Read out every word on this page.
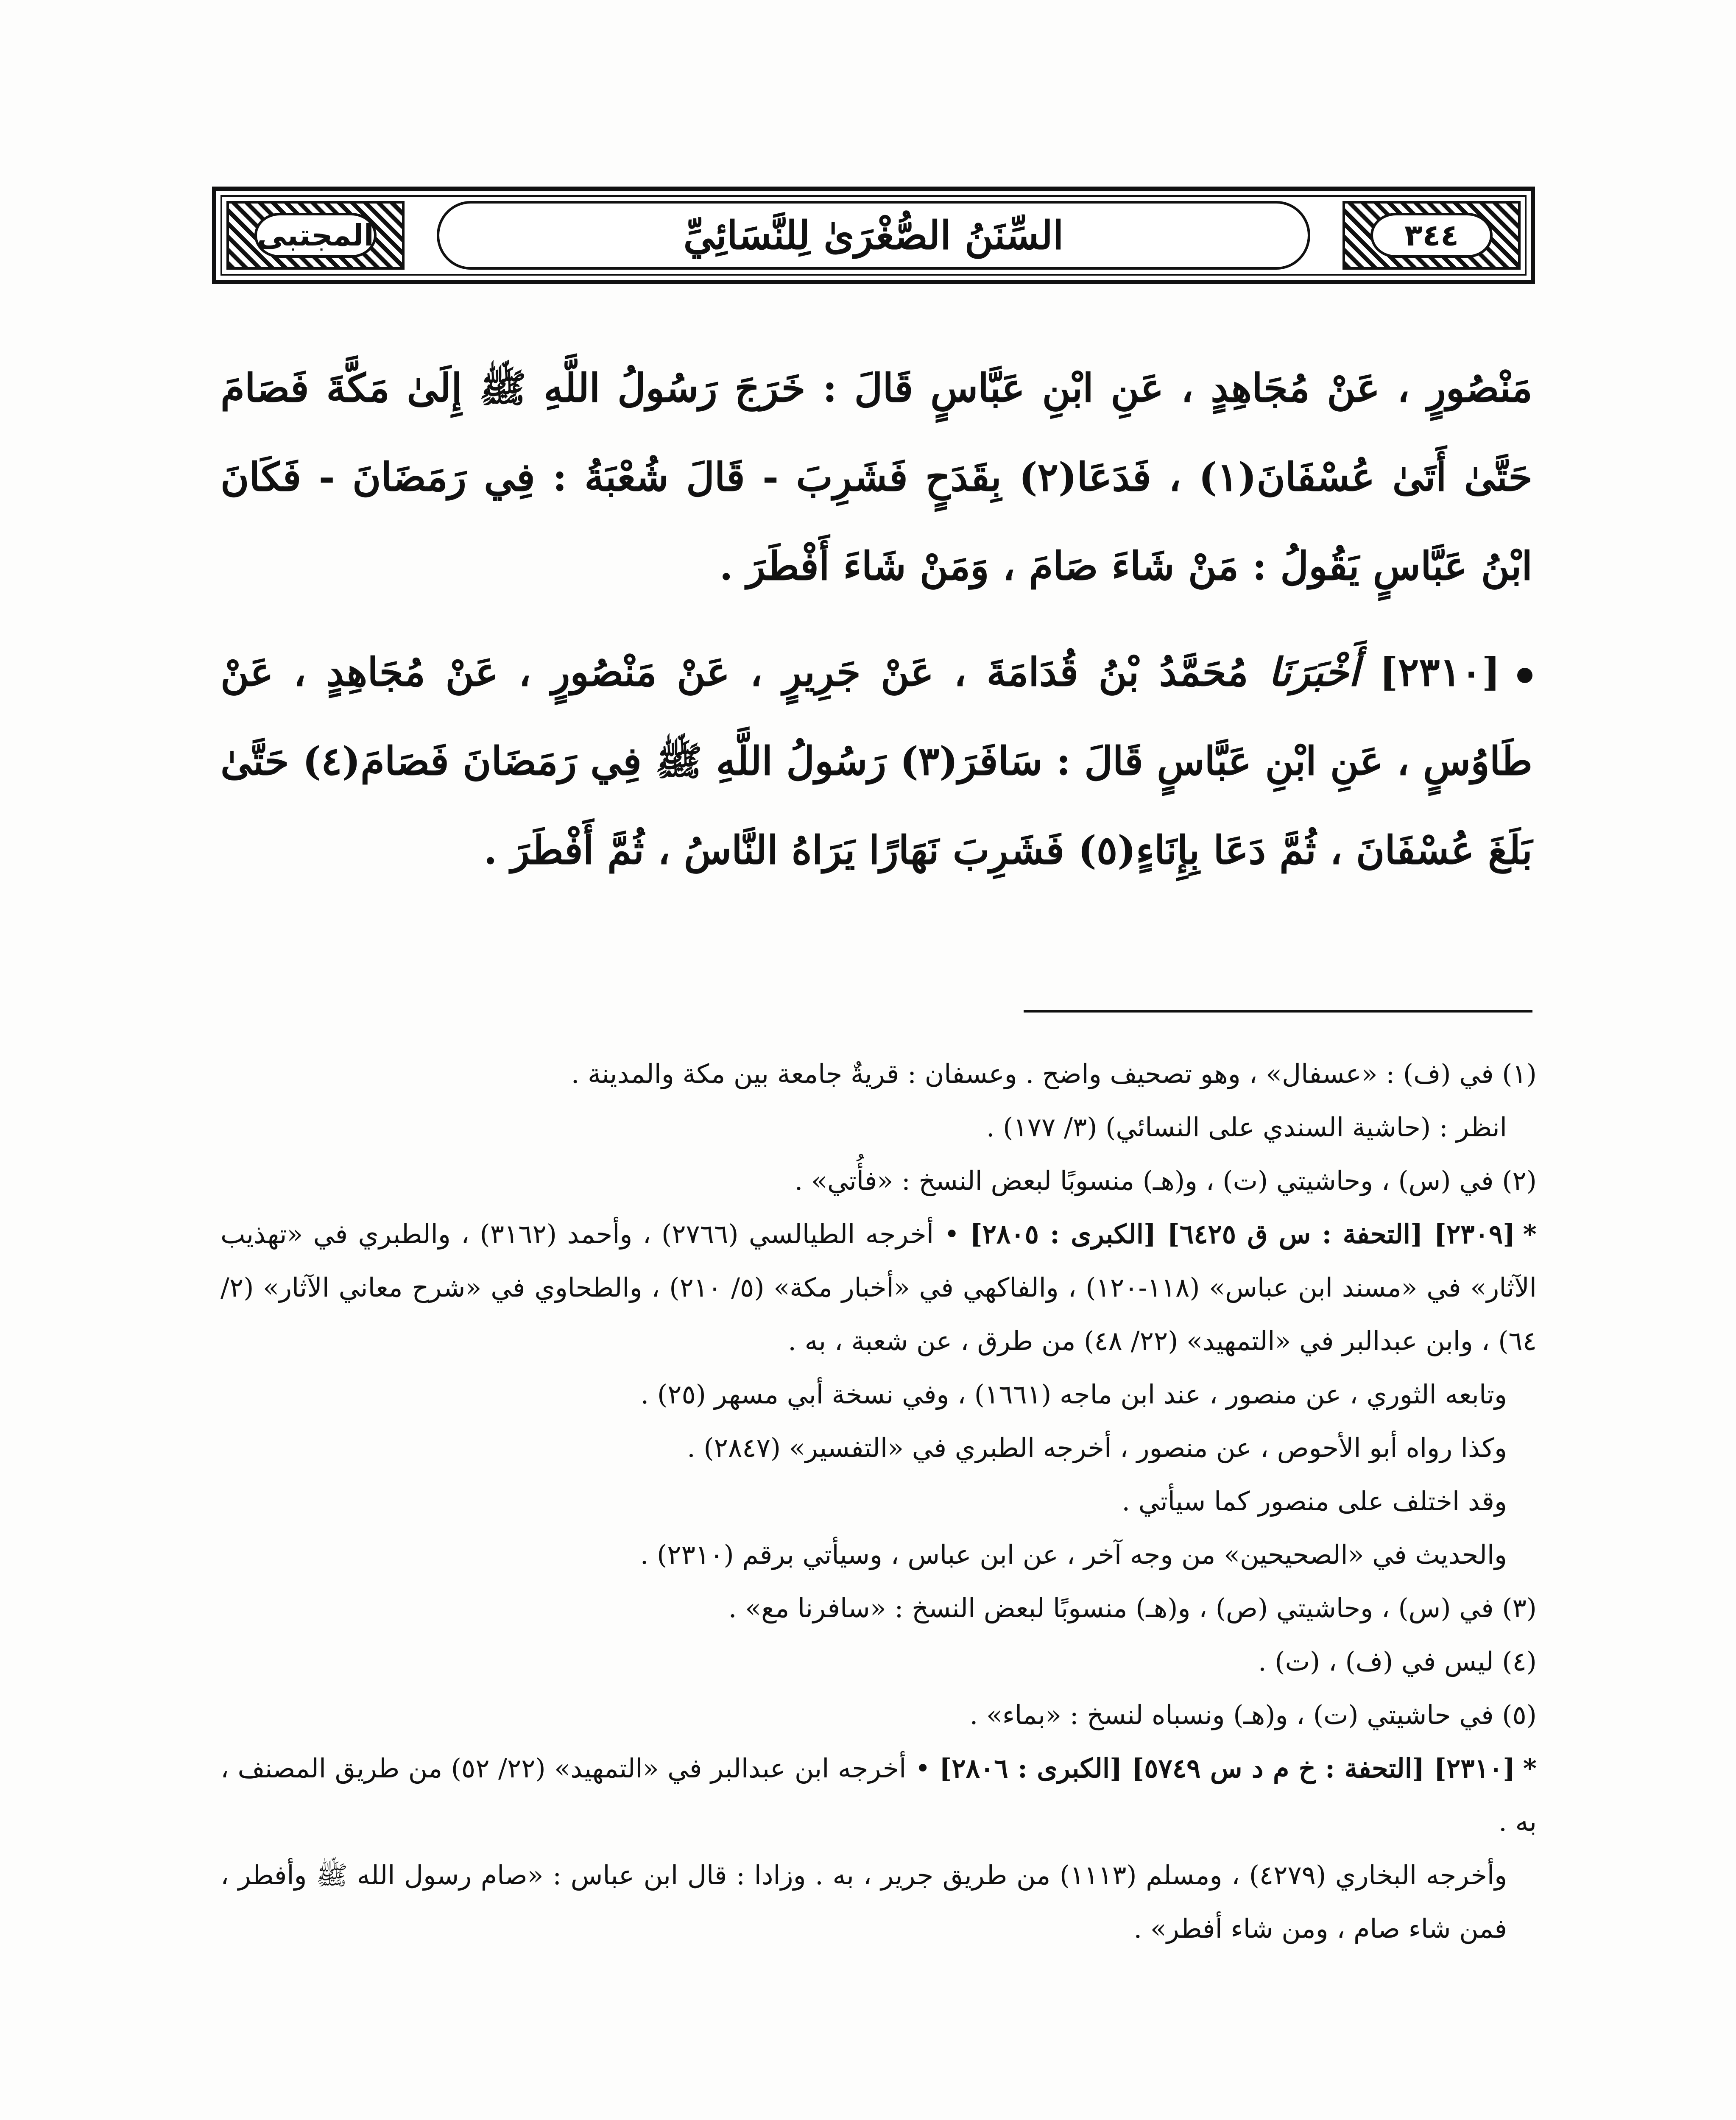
٣٤٤
السِّنَنُ الصُّغْرَىٰ لِلنَّسَائِيِّ
المجتبى

مَنْصُورٍ ، عَنْ مُجَاهِدٍ ، عَنِ ابْنِ عَبَّاسٍ قَالَ : خَرَجَ رَسُولُ اللَّهِ ﷺ إِلَىٰ مَكَّةَ فَصَامَ حَتَّىٰ أَتَىٰ عُسْفَانَ(١) ، فَدَعَا(٢) بِقَدَحٍ فَشَرِبَ - قَالَ شُعْبَةُ : فِي رَمَضَانَ - فَكَانَ ابْنُ عَبَّاسٍ يَقُولُ : مَنْ شَاءَ صَامَ ، وَمَنْ شَاءَ أَفْطَرَ .

[٢٣١٠] أَخْبَرَنَا مُحَمَّدُ بْنُ قُدَامَةَ ، عَنْ جَرِيرٍ ، عَنْ مَنْصُورٍ ، عَنْ مُجَاهِدٍ ، عَنْ طَاوُسٍ ، عَنِ ابْنِ عَبَّاسٍ قَالَ : سَافَرَ(٣) رَسُولُ اللَّهِ ﷺ فِي رَمَضَانَ فَصَامَ(٤) حَتَّىٰ بَلَغَ عُسْفَانَ ، ثُمَّ دَعَا بِإِنَاءٍ(٥) فَشَرِبَ نَهَارًا يَرَاهُ النَّاسُ ، ثُمَّ أَفْطَرَ .

(١) في (ف) : «عسفال» ، وهو تصحيف واضح . وعسفان : قريةٌ جامعة بين مكة والمدينة .

انظر : (حاشية السندي على النسائي) (٣/ ١٧٧) .

(٢) في (س) ، وحاشيتي (ت) ، و(هـ) منسوبًا لبعض النسخ : «فأُتي» .

*[٢٣٠٩] [التحفة : س ق ٦٤٢٥] [الكبرى : ٢٨٠٥] • أخرجه الطيالسي (٢٧٦٦) ، وأحمد (٣١٦٢) ، والطبري في «تهذيب الآثار» في «مسند ابن عباس» (١١٨-١٢٠) ، والفاكهي في «أخبار مكة» (٥/ ٢١٠) ، والطحاوي في «شرح معاني الآثار» (٢/ ٦٤) ، وابن عبدالبر في «التمهيد» (٢٢/ ٤٨) من طرق ، عن شعبة ، به .

وتابعه الثوري ، عن منصور ، عند ابن ماجه (١٦٦١) ، وفي نسخة أبي مسهر (٢٥) .

وكذا رواه أبو الأحوص ، عن منصور ، أخرجه الطبري في «التفسير» (٢٨٤٧) .

وقد اختلف على منصور كما سيأتي .

والحديث في «الصحيحين» من وجه آخر ، عن ابن عباس ، وسيأتي برقم (٢٣١٠) .

(٣) في (س) ، وحاشيتي (ص) ، و(هـ) منسوبًا لبعض النسخ : «سافرنا مع» .

(٤) ليس في (ف) ، (ت) .

(٥) في حاشيتي (ت) ، و(هـ) ونسباه لنسخ : «بماء» .

*[٢٣١٠] [التحفة : خ م د س ٥٧٤٩] [الكبرى : ٢٨٠٦] • أخرجه ابن عبدالبر في «التمهيد» (٢٢/ ٥٢) من طريق المصنف ، به .

وأخرجه البخاري (٤٢٧٩) ، ومسلم (١١١٣) من طريق جرير ، به . وزادا : قال ابن عباس : «صام رسول الله ﷺ وأفطر ، فمن شاء صام ، ومن شاء أفطر» .
